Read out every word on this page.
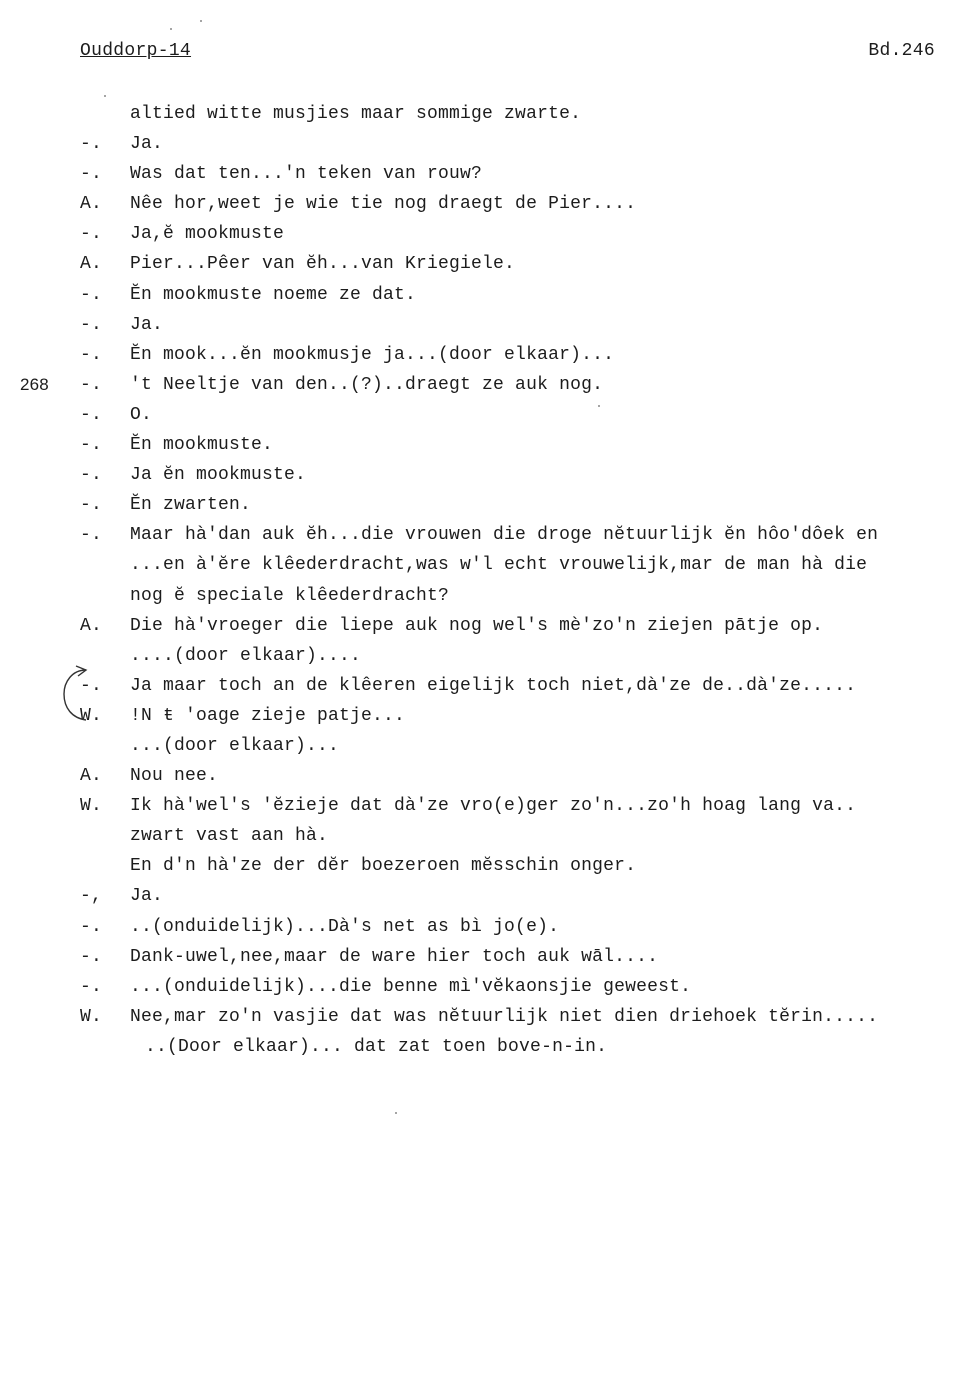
Ouddorp-14	Bd.246
altied witte musjies maar sommige zwarte.
-.	Ja.
-.	Was dat ten...'n teken van rouw?
A.	Nêe hor,weet je wie tie nog draegt de Pier....
-.	Ja,ĕ mookmuste
A.	Pier...Pêer van ĕh...van Kriegiele.
-.	Ĕn mookmuste noeme ze dat.
-.	Ja.
-.	Ĕn mook...ĕn mookmusje ja...(door elkaar)...
268	-.	't Neeltje van den..(?)..draegt ze auk nog.
-.	O.
-.	Ĕn mookmuste.
-.	Ja ĕn mookmuste.
-.	Ĕn zwarten.
-.	Maar hà'dan auk ĕh...die vrouwen die droge nĕtuurlijk ĕn hôo'dôek en
...en à'ĕre klêederdracht,was w'l echt vrouwelijk,mar de man hà die
nog ĕ speciale klêederdracht?
A.	Die hà'vroeger die liepe auk nog wel's mè'zo'n ziejen pātje op.
....(door elkaar)....
-.	Ja maar toch an de klêeren eigelijk toch niet,dà'ze de..dà'ze.....
W.	!N ŧ 'oage zieje patje...
...(door elkaar)...
A.	Nou nee.
W.	Ik hà'wel's 'ĕzieje dat dà'ze vro(e)ger zo'n...zo'h hoag lang va..
zwart vast aan hà.
En d'n hà'ze der dĕr boezeroen mĕsschin onger.
-,	Ja.
-.	..(onduidelijk)...Dà's net as bì jo(e).
-.	Dank-uwel,nee,maar de ware hier toch auk wāl....
-.	...(onduidelijk)...die benne mì'vĕkaonsjie geweest.
W.	Nee,mar zo'n vasjie dat was nĕtuurlijk niet dien driehoek tĕrin.....
..(Door elkaar)... dat zat toen bove-n-in.
